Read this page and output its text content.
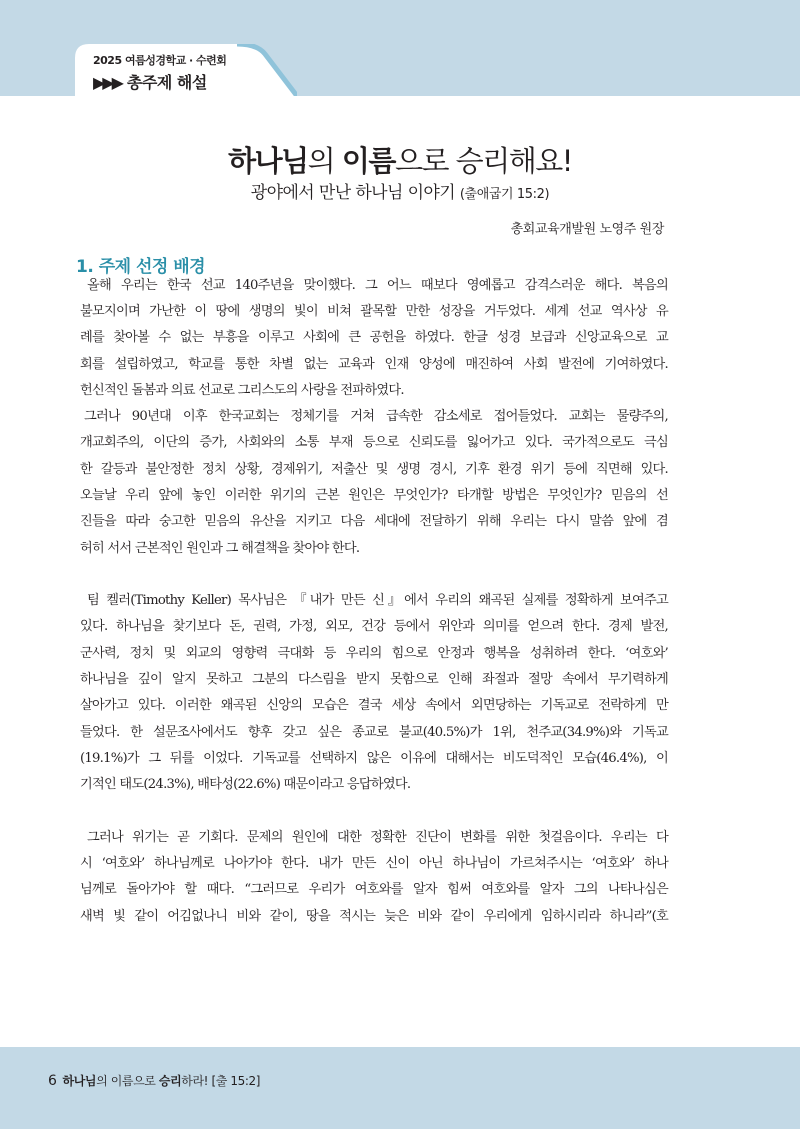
2025 여름성경학교 · 수련회
▶▶▶ 총주제 해설
하나님의 이름으로 승리해요!
광야에서 만난 하나님 이야기 (출애굽기 15:2)
총회교육개발원 노영주 원장
1. 주제 선정 배경
올해 우리는 한국 선교 140주년을 맞이했다. 그 어느 때보다 영예롭고 감격스러운 해다. 복음의
불모지이며 가난한 이 땅에 생명의 빛이 비쳐 괄목할 만한 성장을 거두었다. 세계 선교 역사상 유
례를 찾아볼 수 없는 부흥을 이루고 사회에 큰 공헌을 하였다. 한글 성경 보급과 신앙교육으로 교
회를 설립하였고, 학교를 통한 차별 없는 교육과 인재 양성에 매진하여 사회 발전에 기여하였다.
헌신적인 돌봄과 의료 선교로 그리스도의 사랑을 전파하였다.
그러나 90년대 이후 한국교회는 정체기를 거쳐 급속한 감소세로 접어들었다. 교회는 물량주의,
개교회주의, 이단의 증가, 사회와의 소통 부재 등으로 신뢰도를 잃어가고 있다. 국가적으로도 극심
한 갈등과 불안정한 정치 상황, 경제위기, 저출산 및 생명 경시, 기후 환경 위기 등에 직면해 있다.
오늘날 우리 앞에 놓인 이러한 위기의 근본 원인은 무엇인가? 타개할 방법은 무엇인가? 믿음의 선
진들을 따라 숭고한 믿음의 유산을 지키고 다음 세대에 전달하기 위해 우리는 다시 말씀 앞에 겸
허히 서서 근본적인 원인과 그 해결책을 찾아야 한다.
팀 켈러(Timothy Keller) 목사님은 『내가 만든 신』에서 우리의 왜곡된 실제를 정확하게 보여주고
있다. 하나님을 찾기보다 돈, 권력, 가정, 외모, 건강 등에서 위안과 의미를 얻으려 한다. 경제 발전,
군사력, 정치 및 외교의 영향력 극대화 등 우리의 힘으로 안정과 행복을 성취하려 한다. ‘여호와’
하나님을 깊이 알지 못하고 그분의 다스림을 받지 못함으로 인해 좌절과 절망 속에서 무기력하게
살아가고 있다. 이러한 왜곡된 신앙의 모습은 결국 세상 속에서 외면당하는 기독교로 전락하게 만
들었다. 한 설문조사에서도 향후 갖고 싶은 종교로 불교(40.5%)가 1위, 천주교(34.9%)와 기독교
(19.1%)가 그 뒤를 이었다. 기독교를 선택하지 않은 이유에 대해서는 비도덕적인 모습(46.4%), 이
기적인 태도(24.3%), 배타성(22.6%) 때문이라고 응답하였다.
그러나 위기는 곧 기회다. 문제의 원인에 대한 정확한 진단이 변화를 위한 첫걸음이다. 우리는 다
시 ‘여호와’ 하나님께로 나아가야 한다. 내가 만든 신이 아닌 하나님이 가르쳐주시는 ‘여호와’ 하나
님께로 돌아가야 할 때다. “그러므로 우리가 여호와를 알자 힘써 여호와를 알자 그의 나타나심은
새벽 빛 같이 어김없나니 비와 같이, 땅을 적시는 늦은 비와 같이 우리에게 임하시리라 하니라”(호
6 하나님의 이름으로 승리하라! [출 15:2]
